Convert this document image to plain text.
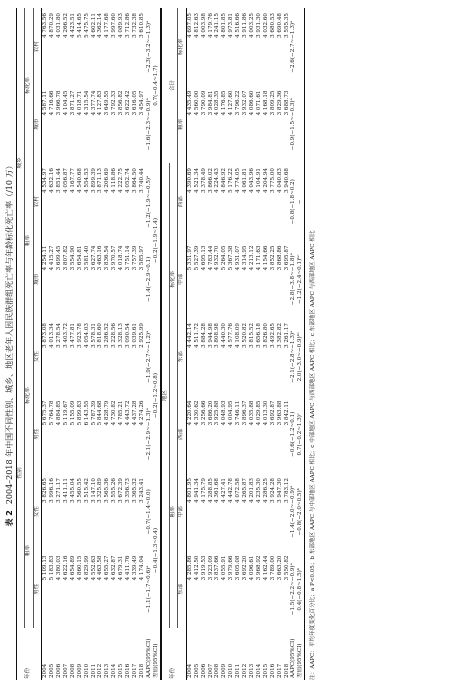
表 22004–2018 年中国不同性别、城乡、地区老年人因民族群组死亡率与年龄标化死亡率（/10 万）
年份	性别				城乡			
	粗率		标化率		粗率		标化率	
	男性	女性	男性	女性	城市	农村	城市	农村
2004	5 109.13	3 826.65	5 675.37	3 873.08	4 254.11	4 534.97	4 587.11	4 763.56
2005	5 183.83	3 996.16	5 764.78	4 013.34	4 415.27	4 632.16	4 716.66	4 870.29
2006	4 380.03	3 271.17	4 884.85	3 278.54	3 699.45	3 851.44	3 966.78	4 031.80
2007	4 622.16	3 411.11	5 119.67	3 403.72	3 807.82	4 056.87	4 104.45	4 266.52
2008	4 654.89	3 455.04	5 155.09	3 477.81	3 554.90	4 167.77	3 871.27	4 423.51
2009	4 860.15	3 560.55	5 899.83	3 923.78	3 654.81	4 540.68	4 018.71	5 414.65
2010	4 829.99	3 515.42	6 143.55	4 054.03	3 581.40	4 554.53	4 315.54	5 475.75
2011	4 552.63	3 147.10	5 787.39	3 578.31	3 627.74	3 899.39	4 377.74	4 602.11
2012	4 463.58	3 325.89	5 844.68	3 818.60	3 463.16	3 871.13	4 127.83	4 362.14
2013	4 655.27	3 565.36	4 828.79	3 286.52	3 836.54	4 206.69	3 649.55	4 177.68
2014	4 632.87	3 555.26	4 730.82	3 228.56	3 970.57	4 118.86	3 792.33	3 997.60
2015	4 679.31	3 672.39	4 785.21	3 328.13	4 018.74	4 222.75	3 856.82	4 089.93
2016	4 411.76	3 356.73	4 443.72	3 090.54	3 751.14	4 052.74	3 622.42	3 712.86
2017	4 339.49	3 365.32	4 437.28	3 039.61	3 757.39	3 864.50	3 616.05	3 732.38
2018	4 174.04	3 243.41	4 274.26	2 925.99	3 585.97	3 740.44	3 454.97	3 610.85
AAPC(95%CI)	−1.1(−1.7~0.6)ᵃ	−0.7(−1.4~0.0)	−2.1(−2.9~−1.3)ᵃ	−1.9(−2.7~−1.2)ᵃ	−1.4(−2.9~0.1)	−1.2(−1.9~−0.5)ᵃ	−1.6(−2.3~−0.9)ᵃ	−2.3(−3.2~−1.3)ᵃ
差值(95%CI)	−0.4(−1.3~0.4)		−0.2(−1.2~0.8)		−0.2(−1.9~1.4)		0.7(−0.4~1.7)	
年份	地区						合计	
	粗率			标化率				
	东部	中部	西部	东部	中部	西部	粗率	标化率
2004	4 285.86	4 801.95	4 220.64	4 442.14	5 331.97	4 390.69	4 435.49	4 697.05
2005	4 412.50	4 941.34	4 330.62	4 511.72	5 527.39	4 521.34	4 560.00	4 812.63
2006	3 919.53	4 175.79	3 256.66	3 884.28	4 695.13	3 378.49	3 790.09	4 003.98
2007	3 923.09	4 288.85	3 686.20	3 944.98	4 783.44	3 866.02	3 984.81	4 179.76
2008	3 837.66	4 361.68	3 925.88	3 808.98	4 932.70	4 224.43	4 028.35	4 241.15
2009	4 055.91	4 427.41	4 048.93	4 440.30	5 264.05	4 846.92	4 176.85	4 801.85
2010	3 979.66	4 442.78	4 004.95	4 577.76	5 367.38	5 176.22	4 127.60	4 973.81
2011	3 605.08	4 072.58	3 746.11	4 108.09	4 931.07	4 774.05	3 796.22	4 516.66
2012	3 692.20	4 265.87	3 896.37	3 520.82	4 314.95	4 061.81	3 932.07	3 911.86
2013	4 096.61	4 201.83	4 035.88	3 815.52	4 213.12	4 043.96	4 086.60	4 003.25
2014	3 968.92	4 235.30	4 029.85	3 656.18	4 171.63	4 104.91	4 071.61	3 931.30
2015	4 162.44	4 286.25	4 013.30	3 826.80	4 154.66	4 204.94	4 168.18	4 032.60
2016	3 789.00	3 924.28	3 692.87	3 492.65	3 852.25	3 775.00	3 809.25	3 680.53
2017	3 663.20	3 947.30	3 963.88	3 382.82	3 868.86	4 040.83	3 829.36	3 690.48
2018	3 550.82	3 783.12	3 842.11	3 261.17	3 695.87	3 940.68	3 688.73	3 555.35
AAPC(95%CI)	−1.5(−2.2~−0.9)ᵃ	−1.4(−2.0~−0.9)ᵃ	−0.6(−1.2~0.1)	−2.1(−2.8~−1.3)ᵃ	−2.8(−3.8~−1.8)ᵃ	−0.8(−1.8~0.2)	−0.9(−1.5~−0.3)ᵃ	−2.6(−2.7~−1.3)ᵃ
差值(95%CI)	0.4(−0.8~1.5)ᵇ	−0.8(−2.0~0.5)ᵇ	0.7(−0.2~1.3)ᶜ	2.0(−3.0~−0.9)ᵇᶜ	−1.2(−2.4~0.1)ᵇᶜ	−		
注：AAPC：平均年度变化百分比；a P<0.05；b 东部地区 AAPC 与中部地区 AAPC 相比；c 中部地区 AAPC 与西部地区 AAPC 相比；c 东部地区 AAPC 与西部地区 AAPC 相比
